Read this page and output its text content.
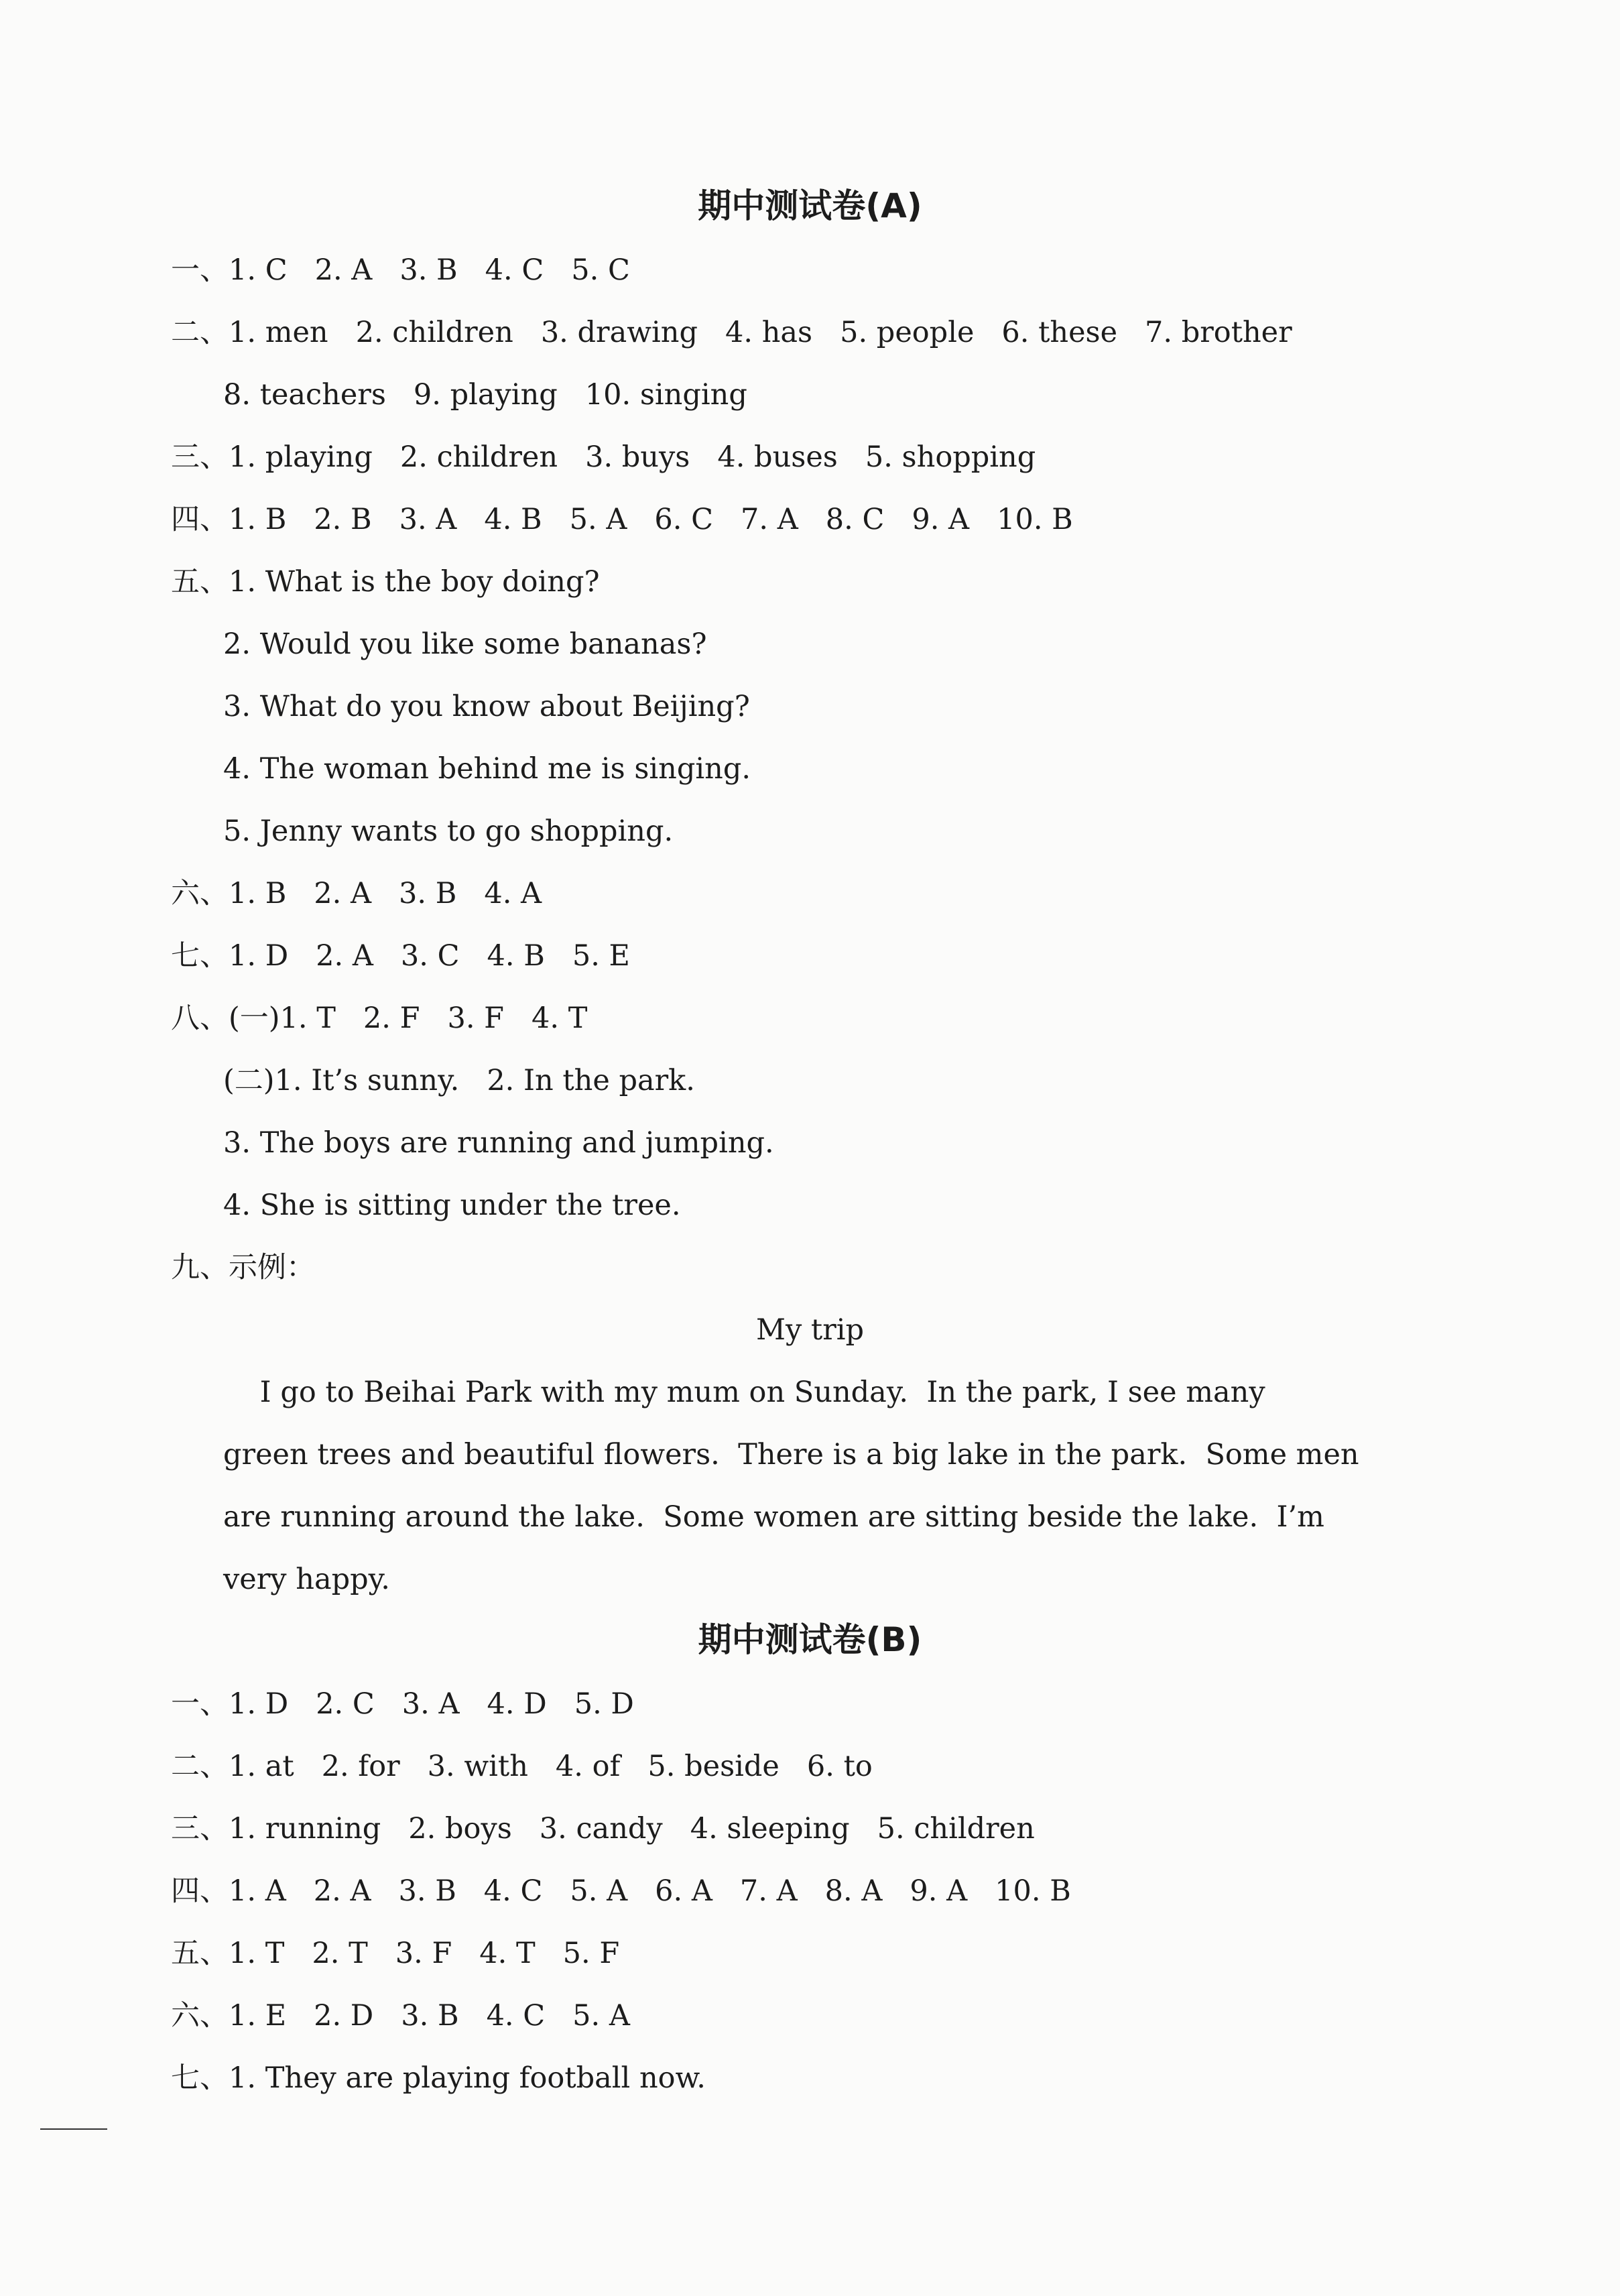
期中测试卷(A)
一、1. C   2. A   3. B   4. C   5. C
二、1. men   2. children   3. drawing   4. has   5. people   6. these   7. brother
8. teachers   9. playing   10. singing
三、1. playing   2. children   3. buys   4. buses   5. shopping
四、1. B   2. B   3. A   4. B   5. A   6. C   7. A   8. C   9. A   10. B
五、1. What is the boy doing?
2. Would you like some bananas?
3. What do you know about Beijing?
4. The woman behind me is singing.
5. Jenny wants to go shopping.
六、1. B   2. A   3. B   4. A
七、1. D   2. A   3. C   4. B   5. E
八、(一)1. T   2. F   3. F   4. T
(二)1. It’s sunny.   2. In the park.
3. The boys are running and jumping.
4. She is sitting under the tree.
九、示例：
My trip
I go to Beihai Park with my mum on Sunday.  In the park, I see many
green trees and beautiful flowers.  There is a big lake in the park.  Some men
are running around the lake.  Some women are sitting beside the lake.  I’m
very happy.
期中测试卷(B)
一、1. D   2. C   3. A   4. D   5. D
二、1. at   2. for   3. with   4. of   5. beside   6. to
三、1. running   2. boys   3. candy   4. sleeping   5. children
四、1. A   2. A   3. B   4. C   5. A   6. A   7. A   8. A   9. A   10. B
五、1. T   2. T   3. F   4. T   5. F
六、1. E   2. D   3. B   4. C   5. A
七、1. They are playing football now.
